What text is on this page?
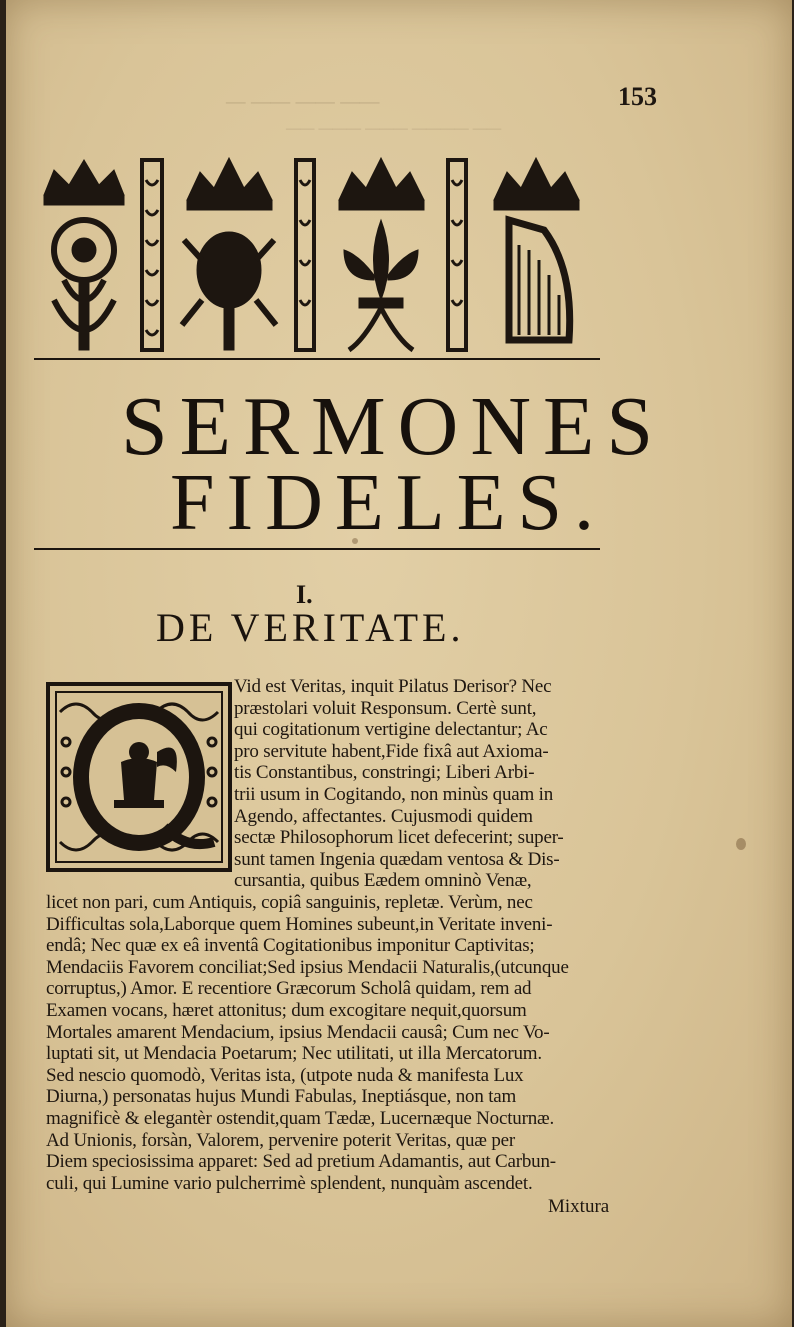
— —— —— ——
—— ——— ——— ———— ——
153
SERMONES
FIDELES.
I.
DE VERITATE.
Q
Vid est Veritas, inquit Pilatus Derisor? Nec
præstolari voluit Responsum. Certè sunt,
qui cogitationum vertigine delectantur; Ac
pro servitute habent,Fide fixâ aut Axioma-
tis Constantibus, constringi; Liberi Arbi-
trii usum in Cogitando, non minùs quam in
Agendo, affectantes. Cujusmodi quidem
sectæ Philosophorum licet defecerint; super-
sunt tamen Ingenia quædam ventosa & Dis-
cursantia, quibus Eædem omninò Venæ,
licet non pari, cum Antiquis, copiâ sanguinis, repletæ. Verùm, nec
Difficultas sola,Laborque quem Homines subeunt,in Veritate inveni-
endâ; Nec quæ ex eâ inventâ Cogitationibus imponitur Captivitas;
Mendaciis Favorem conciliat;Sed ipsius Mendacii Naturalis,(utcunque
corruptus,) Amor. E recentiore Græcorum Scholâ quidam, rem ad
Examen vocans, hæret attonitus; dum excogitare nequit,quorsum
Mortales amarent Mendacium, ipsius Mendacii causâ; Cum nec Vo-
luptati sit, ut Mendacia Poetarum; Nec utilitati, ut illa Mercatorum.
Sed nescio quomodò, Veritas ista, (utpote nuda & manifesta Lux
Diurna,) personatas hujus Mundi Fabulas, Ineptiásque, non tam
magnificè & elegantèr ostendit,quam Tædæ, Lucernæque Nocturnæ.
Ad Unionis, forsàn, Valorem, pervenire poterit Veritas, quæ per
Diem speciosissima apparet: Sed ad pretium Adamantis, aut Carbun-
culi, qui Lumine vario pulcherrimè splendent, nunquàm ascendet.
Mixtura
